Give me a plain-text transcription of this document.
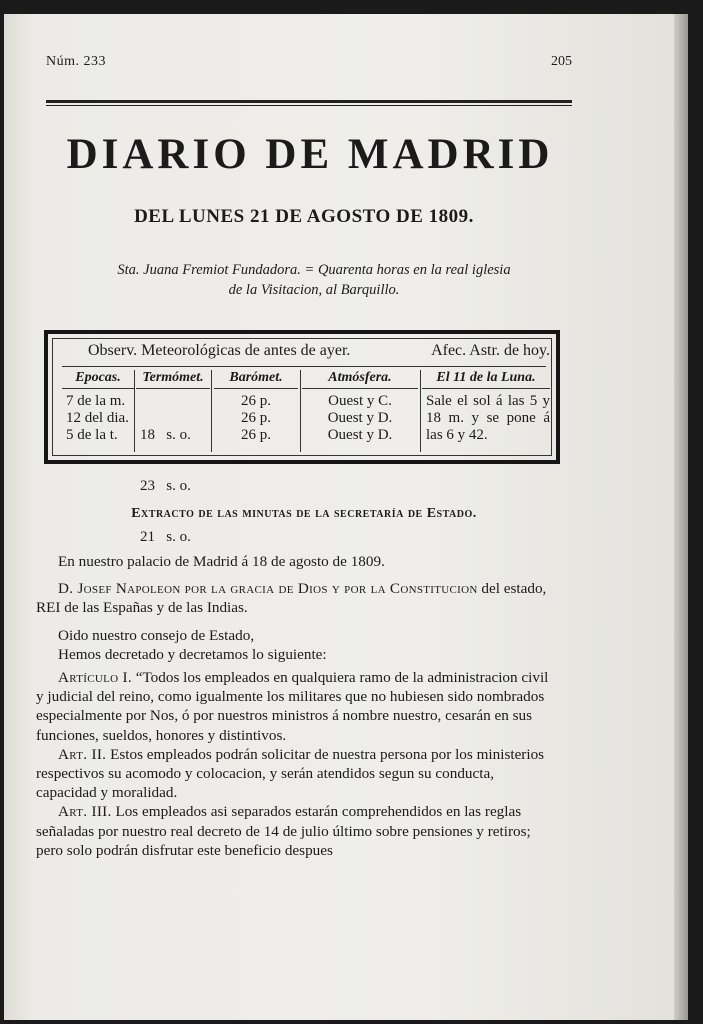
Núm. 233	205
DIARIO DE MADRID
DEL LUNES 21 DE AGOSTO DE 1809.
Sta. Juana Fremiot Fundadora. = Quarenta horas en la real iglesia
de la Visitacion, al Barquillo.
Observ. Meteorológicas de antes de ayer.	Afec. Astr. de hoy.
Epocas.
7 de la m.
12 del dia.
5 de la t.
Termómet.

18   s. o.

23   s. o.

21   s. o.

Barómet.
26 p.
26 p.
26 p.
Atmósfera.
Ouest y C.
Ouest y D.
Ouest y D.
El 11 de la Luna.
Sale el sol á las 5 y 18 m. y se pone á las 6 y 42.
Extracto de las minutas de la secretaría de Estado.

En nuestro palacio de Madrid á 18 de agosto de 1809.

D. Josef Napoleon por la gracia de Dios y por la Constitucion del estado, REI de las Españas y de las Indias.

Oido nuestro consejo de Estado,

Hemos decretado y decretamos lo siguiente:

Artículo I. “Todos los empleados en qualquiera ramo de la administracion civil y judicial del reino, como igualmente los militares que no hubiesen sido nombrados especialmente por Nos, ó por nuestros ministros á nombre nuestro, cesarán en sus funciones, sueldos, honores y distintivos.

Art. II. Estos empleados podrán solicitar de nuestra persona por los ministerios respectivos su acomodo y colocacion, y serán atendidos segun su conducta, capacidad y moralidad.

Art. III. Los empleados asi separados estarán comprehendidos en las reglas señaladas por nuestro real decreto de 14 de julio último sobre pensiones y retiros; pero solo podrán disfrutar este beneficio despues
